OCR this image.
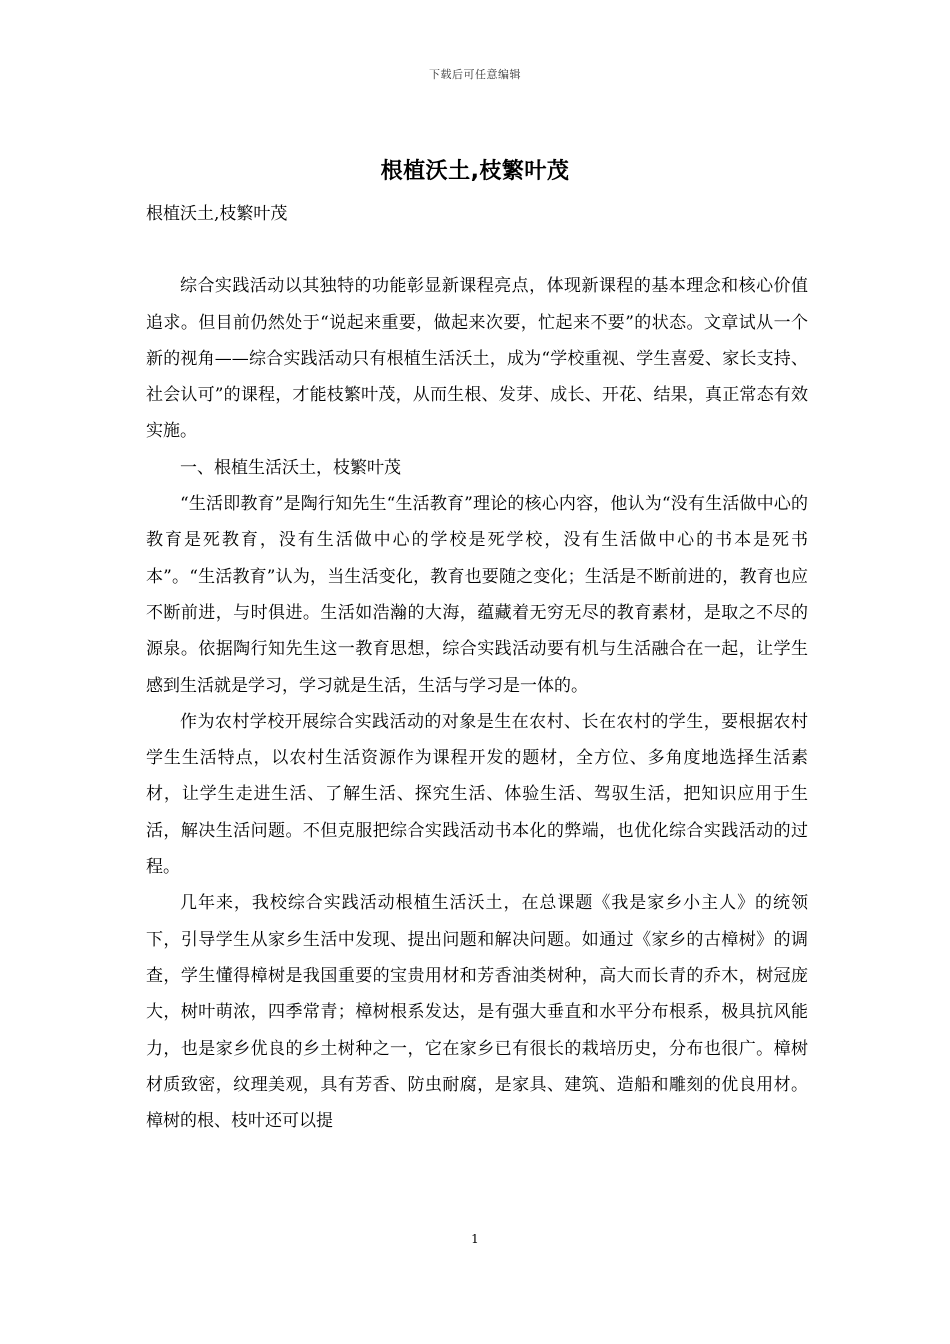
下载后可任意编辑
根植沃土,枝繁叶茂

根植沃土,枝繁叶茂

综合实践活动以其独特的功能彰显新课程亮点，体现新课程的基本理念和核心价值追求。但目前仍然处于“说起来重要，做起来次要，忙起来不要”的状态。文章试从一个新的视角——综合实践活动只有根植生活沃土，成为“学校重视、学生喜爱、家长支持、社会认可”的课程，才能枝繁叶茂，从而生根、发芽、成长、开花、结果，真正常态有效实施。

一、根植生活沃土，枝繁叶茂

“生活即教育”是陶行知先生“生活教育”理论的核心内容，他认为“没有生活做中心的教育是死教育，没有生活做中心的学校是死学校，没有生活做中心的书本是死书本”。“生活教育”认为，当生活变化，教育也要随之变化；生活是不断前进的，教育也应不断前进，与时俱进。生活如浩瀚的大海，蕴藏着无穷无尽的教育素材，是取之不尽的源泉。依据陶行知先生这一教育思想，综合实践活动要有机与生活融合在一起，让学生感到生活就是学习，学习就是生活，生活与学习是一体的。

作为农村学校开展综合实践活动的对象是生在农村、长在农村的学生，要根据农村学生生活特点，以农村生活资源作为课程开发的题材，全方位、多角度地选择生活素材，让学生走进生活、了解生活、探究生活、体验生活、驾驭生活，把知识应用于生活，解决生活问题。不但克服把综合实践活动书本化的弊端，也优化综合实践活动的过程。

几年来，我校综合实践活动根植生活沃土，在总课题《我是家乡小主人》的统领下，引导学生从家乡生活中发现、提出问题和解决问题。如通过《家乡的古樟树》的调查，学生懂得樟树是我国重要的宝贵用材和芳香油类树种，高大而长青的乔木，树冠庞大，树叶萌浓，四季常青；樟树根系发达，是有强大垂直和水平分布根系，极具抗风能力，也是家乡优良的乡土树种之一，它在家乡已有很长的栽培历史，分布也很广。樟树材质致密，纹理美观，具有芳香、防虫耐腐，是家具、建筑、造船和雕刻的优良用材。樟树的根、枝叶还可以提

1
